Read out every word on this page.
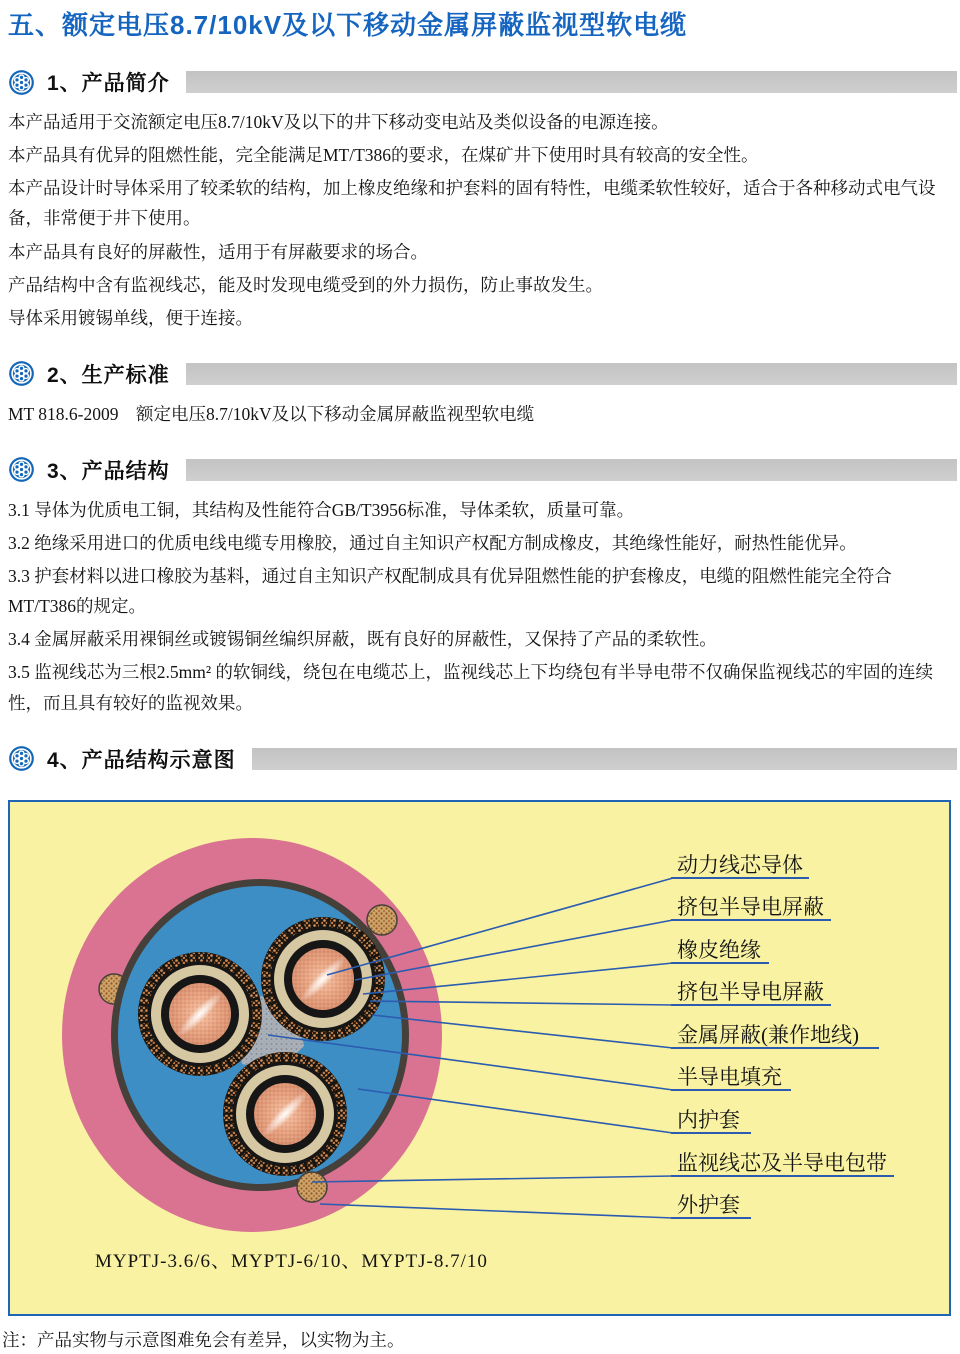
五、额定电压8.7/10kV及以下移动金属屏蔽监视型软电缆
1、产品简介

本产品适用于交流额定电压8.7/10kV及以下的井下移动变电站及类似设备的电源连接。

本产品具有优异的阻燃性能，完全能满足MT/T386的要求，在煤矿井下使用时具有较高的安全性。

本产品设计时导体采用了较柔软的结构，加上橡皮绝缘和护套料的固有特性，电缆柔软性较好，适合于各种移动式电气设备，非常便于井下使用。

本产品具有良好的屏蔽性，适用于有屏蔽要求的场合。

产品结构中含有监视线芯，能及时发现电缆受到的外力损伤，防止事故发生。

导体采用镀锡单线，便于连接。

2、生产标准

MT 818.6-2009　额定电压8.7/10kV及以下移动金属屏蔽监视型软电缆

3、产品结构

3.1 导体为优质电工铜，其结构及性能符合GB/T3956标准，导体柔软，质量可靠。

3.2 绝缘采用进口的优质电线电缆专用橡胶，通过自主知识产权配方制成橡皮，其绝缘性能好，耐热性能优异。

3.3 护套材料以进口橡胶为基料，通过自主知识产权配制成具有优异阻燃性能的护套橡皮，电缆的阻燃性能完全符合MT/T386的规定。

3.4 金属屏蔽采用裸铜丝或镀锡铜丝编织屏蔽，既有良好的屏蔽性，又保持了产品的柔软性。

3.5 监视线芯为三根2.5mm² 的软铜线，绕包在电缆芯上，监视线芯上下均绕包有半导电带不仅确保监视线芯的牢固的连续性，而且具有较好的监视效果。

4、产品结构示意图
动力线芯导体
挤包半导电屏蔽
橡皮绝缘
挤包半导电屏蔽
金属屏蔽(兼作地线)
半导电填充
内护套
监视线芯及半导电包带
外护套
MYPTJ-3.6/6、MYPTJ-6/10、MYPTJ-8.7/10
注：产品实物与示意图难免会有差异，以实物为主。
